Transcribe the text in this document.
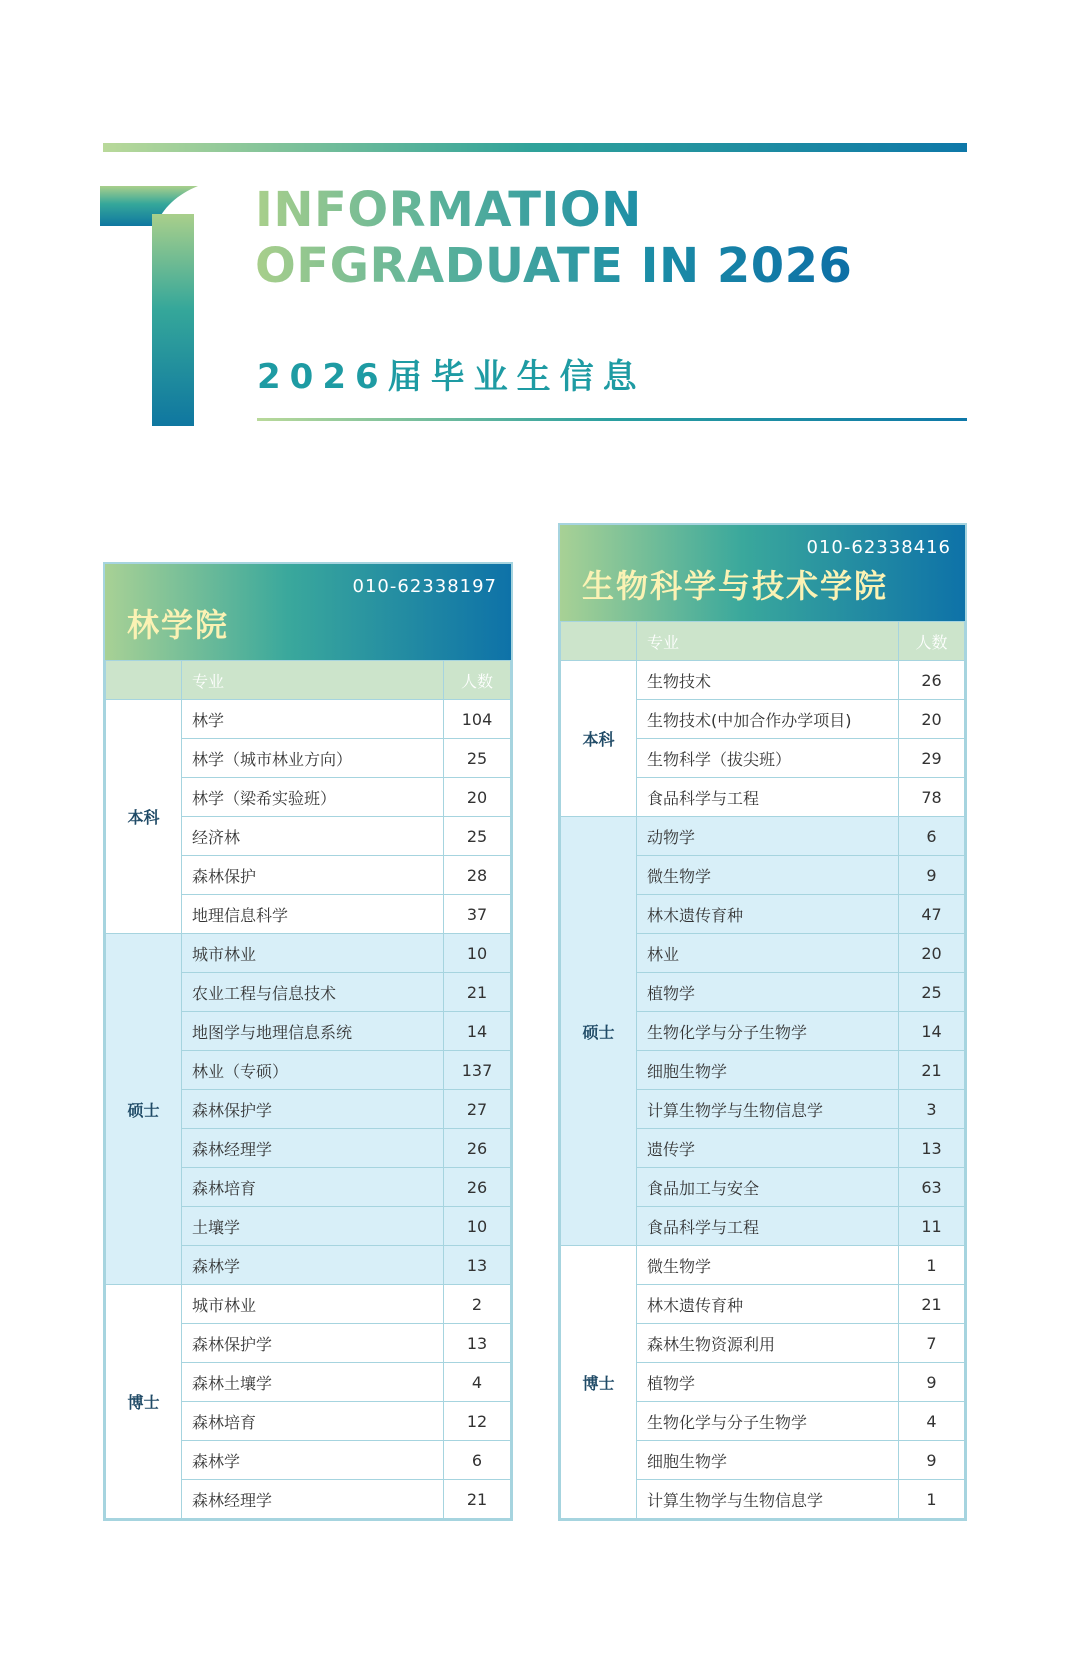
INFORMATION
OFGRADUATE IN 2026
2026届毕业生信息

010-62338197

林学院

	专业	人数
本科	林学	104
	林学（城市林业方向）	25
	林学（梁希实验班）	20
	经济林	25
	森林保护	28
	地理信息科学	37
硕士	城市林业	10
	农业工程与信息技术	21
	地图学与地理信息系统	14
	林业（专硕）	137
	森林保护学	27
	森林经理学	26
	森林培育	26
	土壤学	10
	森林学	13
博士	城市林业	2
	森林保护学	13
	森林土壤学	4
	森林培育	12
	森林学	6
	森林经理学	21

010-62338416

生物科学与技术学院

	专业	人数
本科	生物技术	26
	生物技术(中加合作办学项目)	20
	生物科学（拔尖班）	29
	食品科学与工程	78
硕士	动物学	6
	微生物学	9
	林木遗传育种	47
	林业	20
	植物学	25
	生物化学与分子生物学	14
	细胞生物学	21
	计算生物学与生物信息学	3
	遗传学	13
	食品加工与安全	63
	食品科学与工程	11
博士	微生物学	1
	林木遗传育种	21
	森林生物资源利用	7
	植物学	9
	生物化学与分子生物学	4
	细胞生物学	9
	计算生物学与生物信息学	1
